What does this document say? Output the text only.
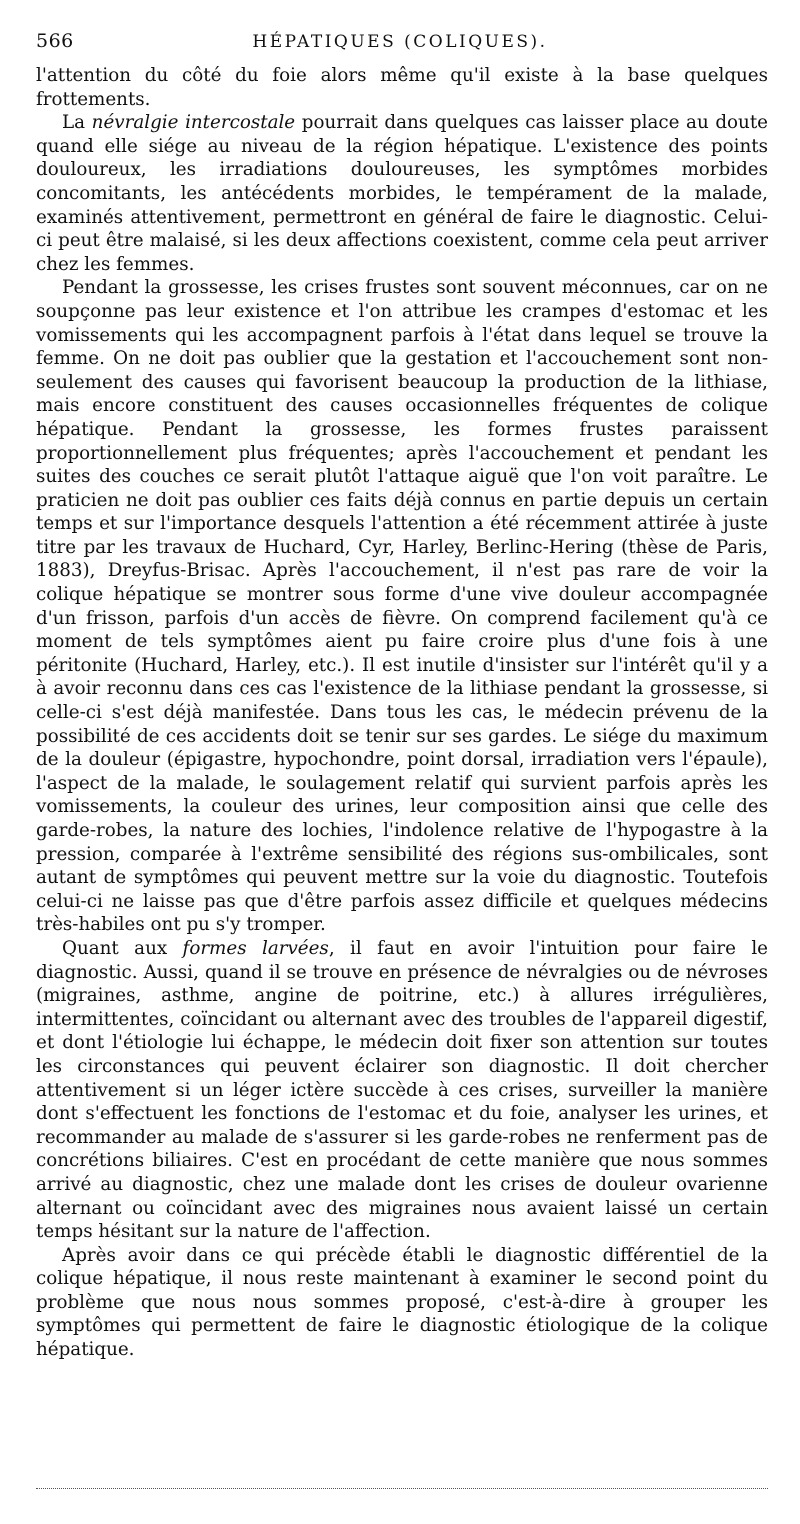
566	HÉPATIQUES (COLIQUES).

l'attention du côté du foie alors même qu'il existe à la base quelques frottements.

La névralgie intercostale pourrait dans quelques cas laisser place au doute quand elle siége au niveau de la région hépatique. L'existence des points douloureux, les irradiations douloureuses, les symptômes morbides concomitants, les antécédents morbides, le tempérament de la malade, examinés attentivement, permettront en général de faire le diagnostic. Celui-ci peut être malaisé, si les deux affections coexistent, comme cela peut arriver chez les femmes.

Pendant la grossesse, les crises frustes sont souvent méconnues, car on ne soupçonne pas leur existence et l'on attribue les crampes d'estomac et les vomissements qui les accompagnent parfois à l'état dans lequel se trouve la femme. On ne doit pas oublier que la gestation et l'accouchement sont non-seulement des causes qui favorisent beaucoup la production de la lithiase, mais encore constituent des causes occasionnelles fréquentes de colique hépatique. Pendant la grossesse, les formes frustes paraissent proportionnellement plus fréquentes; après l'accouchement et pendant les suites des couches ce serait plutôt l'attaque aiguë que l'on voit paraître. Le praticien ne doit pas oublier ces faits déjà connus en partie depuis un certain temps et sur l'importance desquels l'attention a été récemment attirée à juste titre par les travaux de Huchard, Cyr, Harley, Berlinc-Hering (thèse de Paris, 1883), Dreyfus-Brisac. Après l'accouchement, il n'est pas rare de voir la colique hépatique se montrer sous forme d'une vive douleur accompagnée d'un frisson, parfois d'un accès de fièvre. On comprend facilement qu'à ce moment de tels symptômes aient pu faire croire plus d'une fois à une péritonite (Huchard, Harley, etc.). Il est inutile d'insister sur l'intérêt qu'il y a à avoir reconnu dans ces cas l'existence de la lithiase pendant la grossesse, si celle-ci s'est déjà manifestée. Dans tous les cas, le médecin prévenu de la possibilité de ces accidents doit se tenir sur ses gardes. Le siége du maximum de la douleur (épigastre, hypochondre, point dorsal, irradiation vers l'épaule), l'aspect de la malade, le soulagement relatif qui survient parfois après les vomissements, la couleur des urines, leur composition ainsi que celle des garde-robes, la nature des lochies, l'indolence relative de l'hypogastre à la pression, comparée à l'extrême sensibilité des régions sus-ombilicales, sont autant de symptômes qui peuvent mettre sur la voie du diagnostic. Toutefois celui-ci ne laisse pas que d'être parfois assez difficile et quelques médecins très-habiles ont pu s'y tromper.

Quant aux formes larvées, il faut en avoir l'intuition pour faire le diagnostic. Aussi, quand il se trouve en présence de névralgies ou de névroses (migraines, asthme, angine de poitrine, etc.) à allures irrégulières, intermittentes, coïncidant ou alternant avec des troubles de l'appareil digestif, et dont l'étiologie lui échappe, le médecin doit fixer son attention sur toutes les circonstances qui peuvent éclairer son diagnostic. Il doit chercher attentivement si un léger ictère succède à ces crises, surveiller la manière dont s'effectuent les fonctions de l'estomac et du foie, analyser les urines, et recommander au malade de s'assurer si les garde-robes ne renferment pas de concrétions biliaires. C'est en procédant de cette manière que nous sommes arrivé au diagnostic, chez une malade dont les crises de douleur ovarienne alternant ou coïncidant avec des migraines nous avaient laissé un certain temps hésitant sur la nature de l'affection.

Après avoir dans ce qui précède établi le diagnostic différentiel de la colique hépatique, il nous reste maintenant à examiner le second point du problème que nous nous sommes proposé, c'est-à-dire à grouper les symptômes qui permettent de faire le diagnostic étiologique de la colique hépatique.
